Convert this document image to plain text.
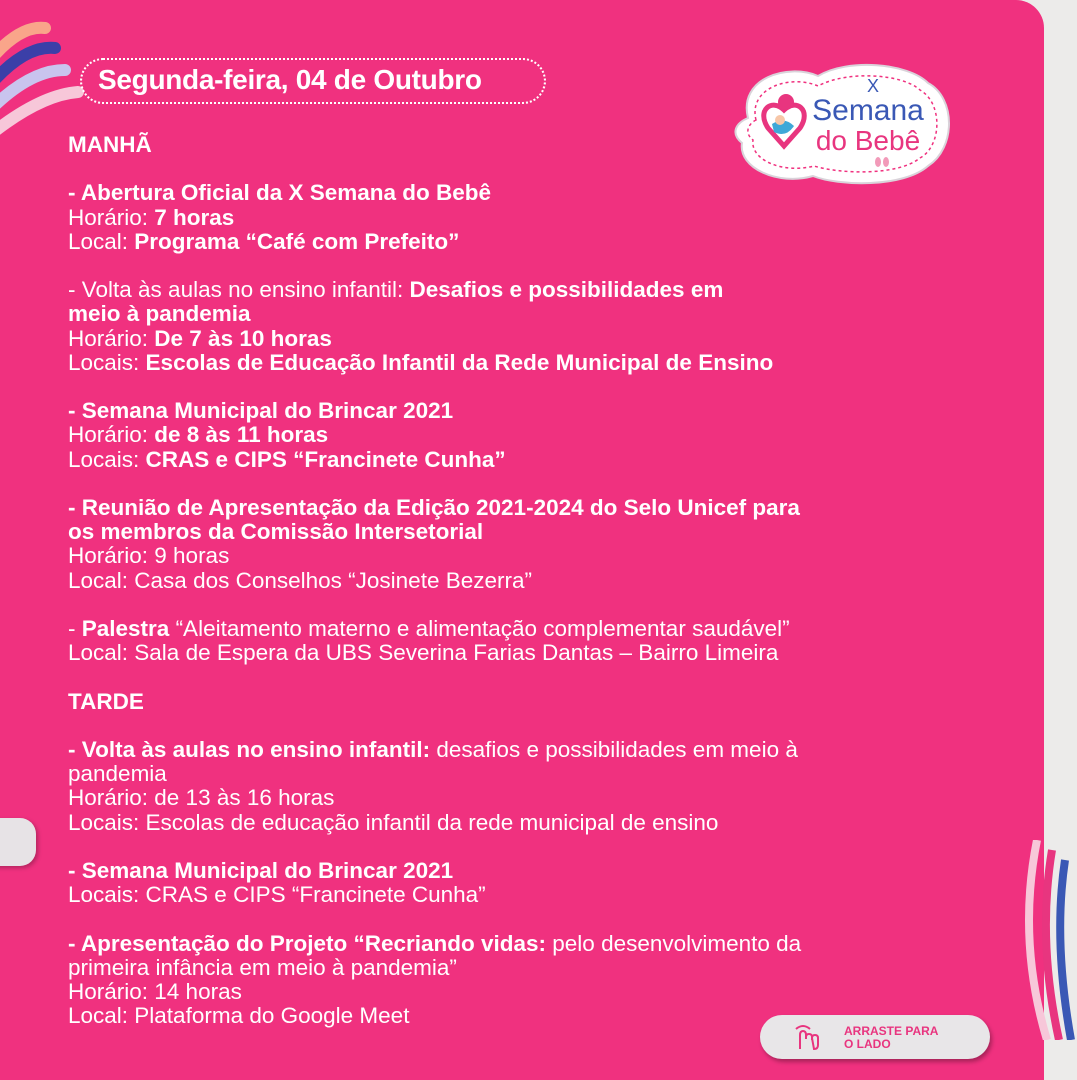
Segunda-feira, 04 de Outubro	X
Semana
do Bebê
MANHÃ
- Abertura Oficial da X Semana do Bebê
Horário: 7 horas
Local: Programa “Café com Prefeito”
- Volta às aulas no ensino infantil: Desafios e possibilidades em
meio à pandemia
Horário: De 7 às 10 horas
Locais: Escolas de Educação Infantil da Rede Municipal de Ensino
- Semana Municipal do Brincar 2021
Horário: de 8 às 11 horas
Locais: CRAS e CIPS “Francinete Cunha”
- Reunião de Apresentação da Edição 2021-2024 do Selo Unicef para
os membros da Comissão Intersetorial
Horário: 9 horas
Local: Casa dos Conselhos “Josinete Bezerra”
- Palestra “Aleitamento materno e alimentação complementar saudável”
Local: Sala de Espera da UBS Severina Farias Dantas – Bairro Limeira
TARDE
- Volta às aulas no ensino infantil: desafios e possibilidades em meio à
pandemia
Horário: de 13 às 16 horas
Locais: Escolas de educação infantil da rede municipal de ensino
- Semana Municipal do Brincar 2021
Locais: CRAS e CIPS “Francinete Cunha”
- Apresentação do Projeto “Recriando vidas: pelo desenvolvimento da
primeira infância em meio à pandemia”
Horário: 14 horas
Local: Plataforma do Google Meet
ARRASTE PARA
O LADO
